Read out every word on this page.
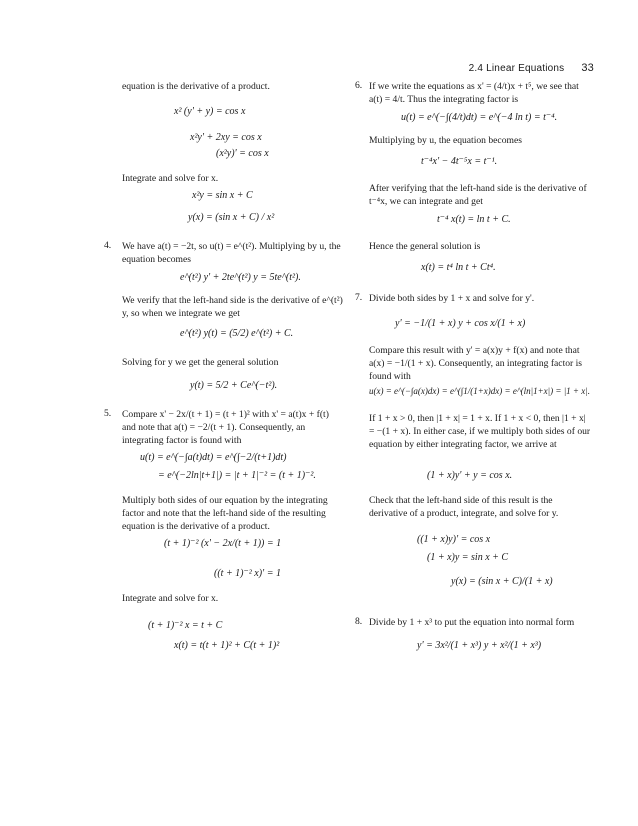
2.4 Linear Equations 33
equation is the derivative of a product.
x² (y' + y) = cos x
x²y' + 2xy = cos x
(x²y)' = cos x
Integrate and solve for x.
x²y = sin x + C
y(x) = (sin x + C) / x²
4. We have a(t) = −2t, so u(t) = e^(t²). Multiplying by u, the equation becomes
e^(t²) y' + 2te^(t²) y = 5te^(t²).
We verify that the left-hand side is the derivative of e^(t²) y, so when we integrate we get
e^(t²) y(t) = (5/2) e^(t²) + C.
Solving for y we get the general solution
y(t) = 5/2 + Ce^(−t²).
5. Compare x' − 2x/(t + 1) = (t + 1)² with x' = a(t)x + f(t) and note that a(t) = −2/(t + 1). Consequently, an integrating factor is found with
u(t) = e^(−∫a(t)dt) = e^(∫−2/(t+1)dt)
= e^(−2ln|t+1|) = |t + 1|⁻² = (t + 1)⁻².
Multiply both sides of our equation by the integrating factor and note that the left-hand side of the resulting equation is the derivative of a product.
(t + 1)⁻² (x' − 2x/(t + 1)) = 1
((t + 1)⁻² x)' = 1
Integrate and solve for x.
(t + 1)⁻² x = t + C
x(t) = t(t + 1)² + C(t + 1)²
6. If we write the equations as x' = (4/t)x + t⁵, we see that a(t) = 4/t. Thus the integrating factor is
u(t) = e^(−∫(4/t)dt) = e^(−4 ln t) = t⁻⁴.
Multiplying by u, the equation becomes
t⁻⁴x' − 4t⁻⁵x = t⁻¹.
After verifying that the left-hand side is the derivative of t⁻⁴x, we can integrate and get
t⁻⁴ x(t) = ln t + C.
Hence the general solution is
x(t) = t⁴ ln t + Ct⁴.
7. Divide both sides by 1 + x and solve for y'.
y' = −1/(1 + x) y + cos x/(1 + x)
Compare this result with y' = a(x)y + f(x) and note that a(x) = −1/(1 + x). Consequently, an integrating factor is found with
u(x) = e^(−∫a(x)dx) = e^(∫1/(1+x)dx) = e^(ln|1+x|) = |1 + x|.
If 1 + x > 0, then |1 + x| = 1 + x. If 1 + x < 0, then |1 + x| = −(1 + x). In either case, if we multiply both sides of our equation by either integrating factor, we arrive at
(1 + x)y' + y = cos x.
Check that the left-hand side of this result is the derivative of a product, integrate, and solve for y.
((1 + x)y)' = cos x
(1 + x)y = sin x + C
y(x) = (sin x + C)/(1 + x)
8. Divide by 1 + x³ to put the equation into normal form
y' = 3x²/(1 + x³) y + x²/(1 + x³)
